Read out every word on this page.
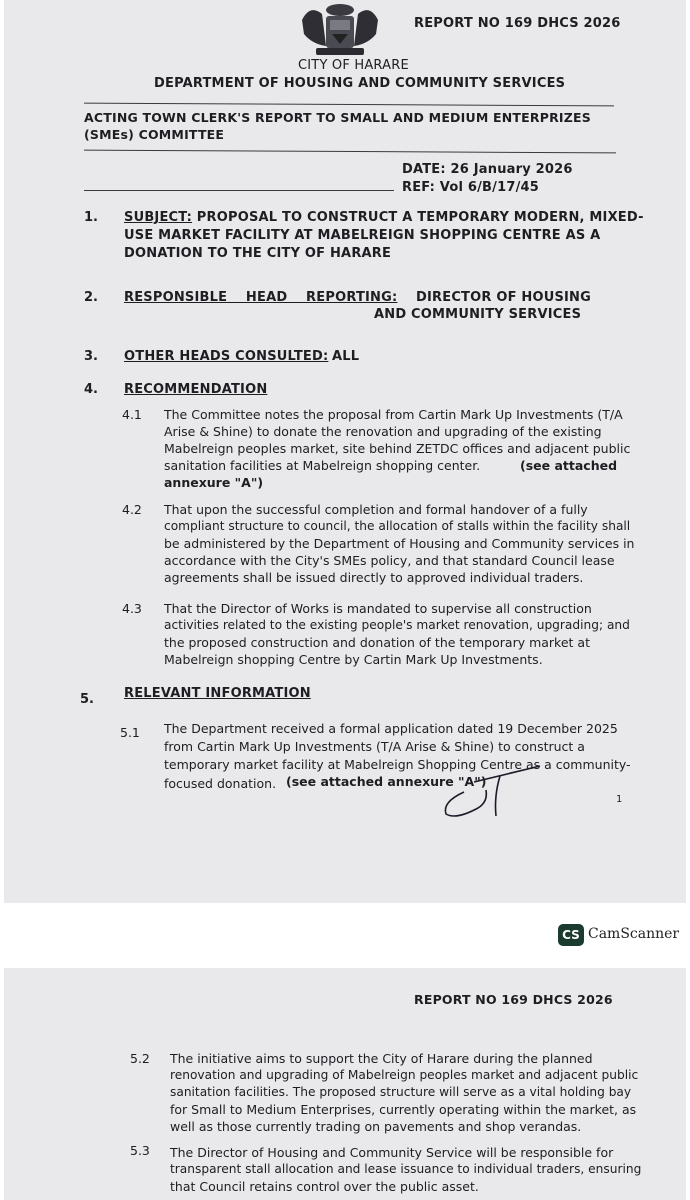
REPORT NO 169 DHCS 2026
CITY OF HARARE
DEPARTMENT OF HOUSING AND COMMUNITY SERVICES
ACTING TOWN CLERK'S REPORT TO SMALL AND MEDIUM ENTERPRIZES
(SMEs) COMMITTEE
DATE: 26 January 2026
REF: Vol 6/B/17/45
1. SUBJECT: PROPOSAL TO CONSTRUCT A TEMPORARY MODERN, MIXED-
USE MARKET FACILITY AT MABELREIGN SHOPPING CENTRE AS A
DONATION TO THE CITY OF HARARE
2. RESPONSIBLE HEAD REPORTING: DIRECTOR OF HOUSING
AND COMMUNITY SERVICES
3. OTHER HEADS CONSULTED: ALL
4. RECOMMENDATION
4.1 The Committee notes the proposal from Cartin Mark Up Investments (T/A
Arise & Shine) to donate the renovation and upgrading of the existing
Mabelreign peoples market, site behind ZETDC offices and adjacent public
sanitation facilities at Mabelreign shopping center.	(see attached
annexure "A")
4.2 That upon the successful completion and formal handover of a fully
compliant structure to council, the allocation of stalls within the facility shall
be administered by the Department of Housing and Community services in
accordance with the City's SMEs policy, and that standard Council lease
agreements shall be issued directly to approved individual traders.
4.3 That the Director of Works is mandated to supervise all construction
activities related to the existing people's market renovation, upgrading; and
the proposed construction and donation of the temporary market at
Mabelreign shopping Centre by Cartin Mark Up Investments.
5. RELEVANT INFORMATION
5.1 The Department received a formal application dated 19 December 2025
from Cartin Mark Up Investments (T/A Arise & Shine) to construct a
temporary market facility at Mabelreign Shopping Centre as a community-
focused donation. (see attached annexure "A")
1
CS CamScanner
REPORT NO 169 DHCS 2026
5.2 The initiative aims to support the City of Harare during the planned
renovation and upgrading of Mabelreign peoples market and adjacent public
sanitation facilities. The proposed structure will serve as a vital holding bay
for Small to Medium Enterprises, currently operating within the market, as
well as those currently trading on pavements and shop verandas.
5.3 The Director of Housing and Community Service will be responsible for
transparent stall allocation and lease issuance to individual traders, ensuring
that Council retains control over the public asset.
